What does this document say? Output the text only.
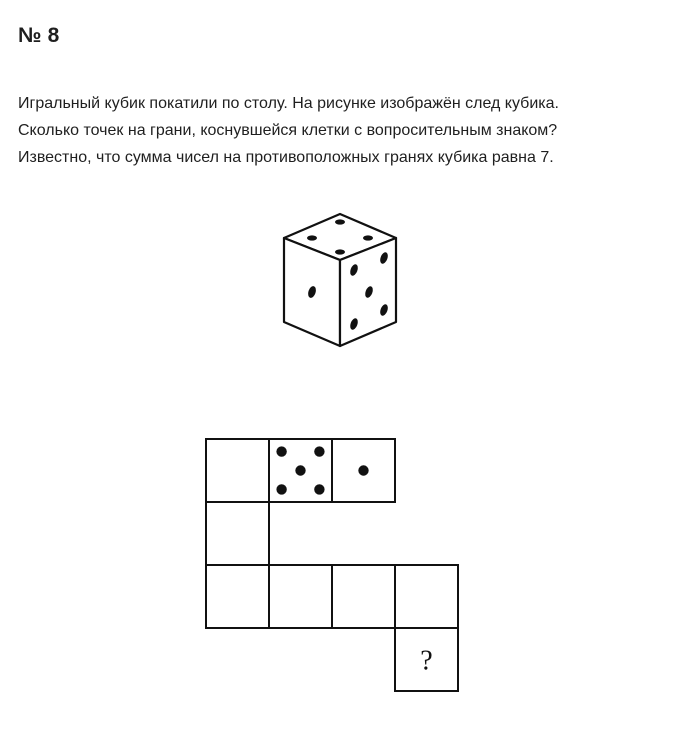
№ 8

Игральный кубик покатили по столу. На рисунке изображён след кубика.

Сколько точек на грани, коснувшейся клетки с вопросительным знаком?

Известно, что сумма чисел на противоположных гранях кубика равна 7.

?
